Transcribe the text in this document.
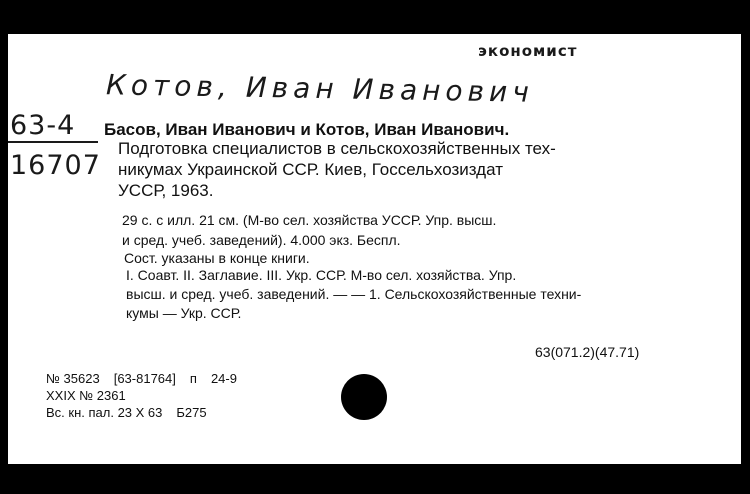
экономист
Котов, Иван Иванович
63-4
16707
Басов, Иван Иванович и Котов, Иван Иванович.
Подготовка специалистов в сельскохозяйственных тех-
никумах Украинской ССР. Киев, Госсельхозиздат
УССР, 1963.
29 с. с илл. 21 см. (М-во сел. хозяйства УССР. Упр. высш.
и сред. учеб. заведений). 4.000 экз. Беспл.
Сост. указаны в конце книги.
I. Соавт. II. Заглавие. III. Укр. ССР. М-во сел. хозяйства. Упр.
высш. и сред. учеб. заведений. — — 1. Сельскохозяйственные техни-
кумы — Укр. ССР.
63(071.2)(47.71)
№ 35623 [63-81764] п 24-9
XXIX № 2361
Вс. кн. пал. 23 X 63 Б275
